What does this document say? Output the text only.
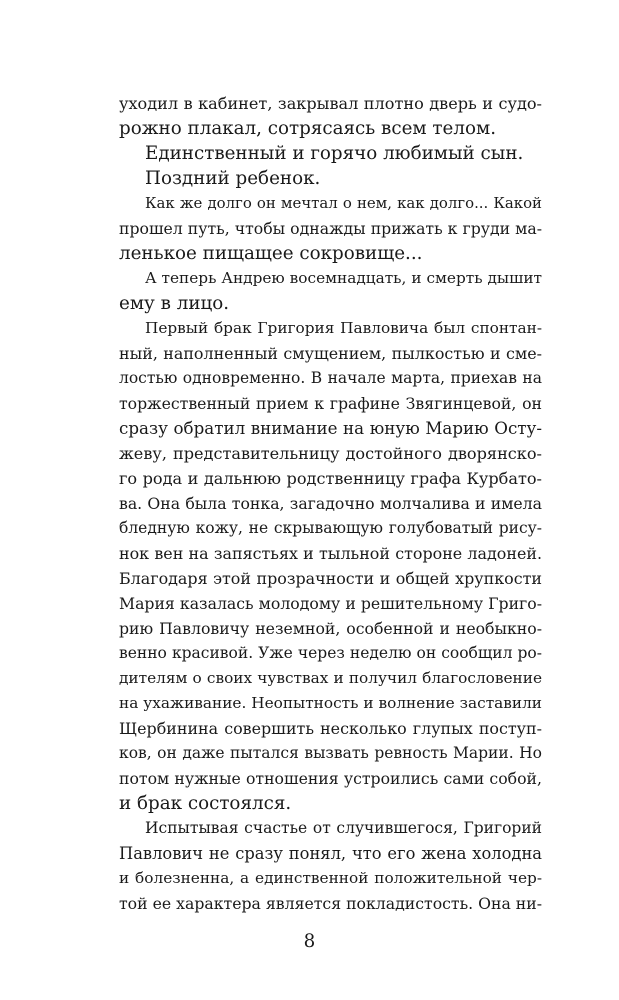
уходил в кабинет, закрывал плотно дверь и судо-
рожно плакал, сотрясаясь всем телом.
Единственный и горячо любимый сын.
Поздний ребенок.
Как же долго он мечтал о нем, как долго... Какой
прошел путь, чтобы однажды прижать к груди ма-
ленькое пищащее сокровище...
А теперь Андрею восемнадцать, и смерть дышит
ему в лицо.
Первый брак Григория Павловича был спонтан-
ный, наполненный смущением, пылкостью и сме-
лостью одновременно. В начале марта, приехав на
торжественный прием к графине Звягинцевой, он
сразу обратил внимание на юную Марию Осту-
жеву, представительницу достойного дворянско-
го рода и дальнюю родственницу графа Курбато-
ва. Она была тонка, загадочно молчалива и имела
бледную кожу, не скрывающую голубоватый рису-
нок вен на запястьях и тыльной стороне ладоней.
Благодаря этой прозрачности и общей хрупкости
Мария казалась молодому и решительному Григо-
рию Павловичу неземной, особенной и необыкно-
венно красивой. Уже через неделю он сообщил ро-
дителям о своих чувствах и получил благословение
на ухаживание. Неопытность и волнение заставили
Щербинина совершить несколько глупых поступ-
ков, он даже пытался вызвать ревность Марии. Но
потом нужные отношения устроились сами собой,
и брак состоялся.
Испытывая счастье от случившегося, Григорий
Павлович не сразу понял, что его жена холодна
и болезненна, а единственной положительной чер-
той ее характера является покладистость. Она ни-
8
